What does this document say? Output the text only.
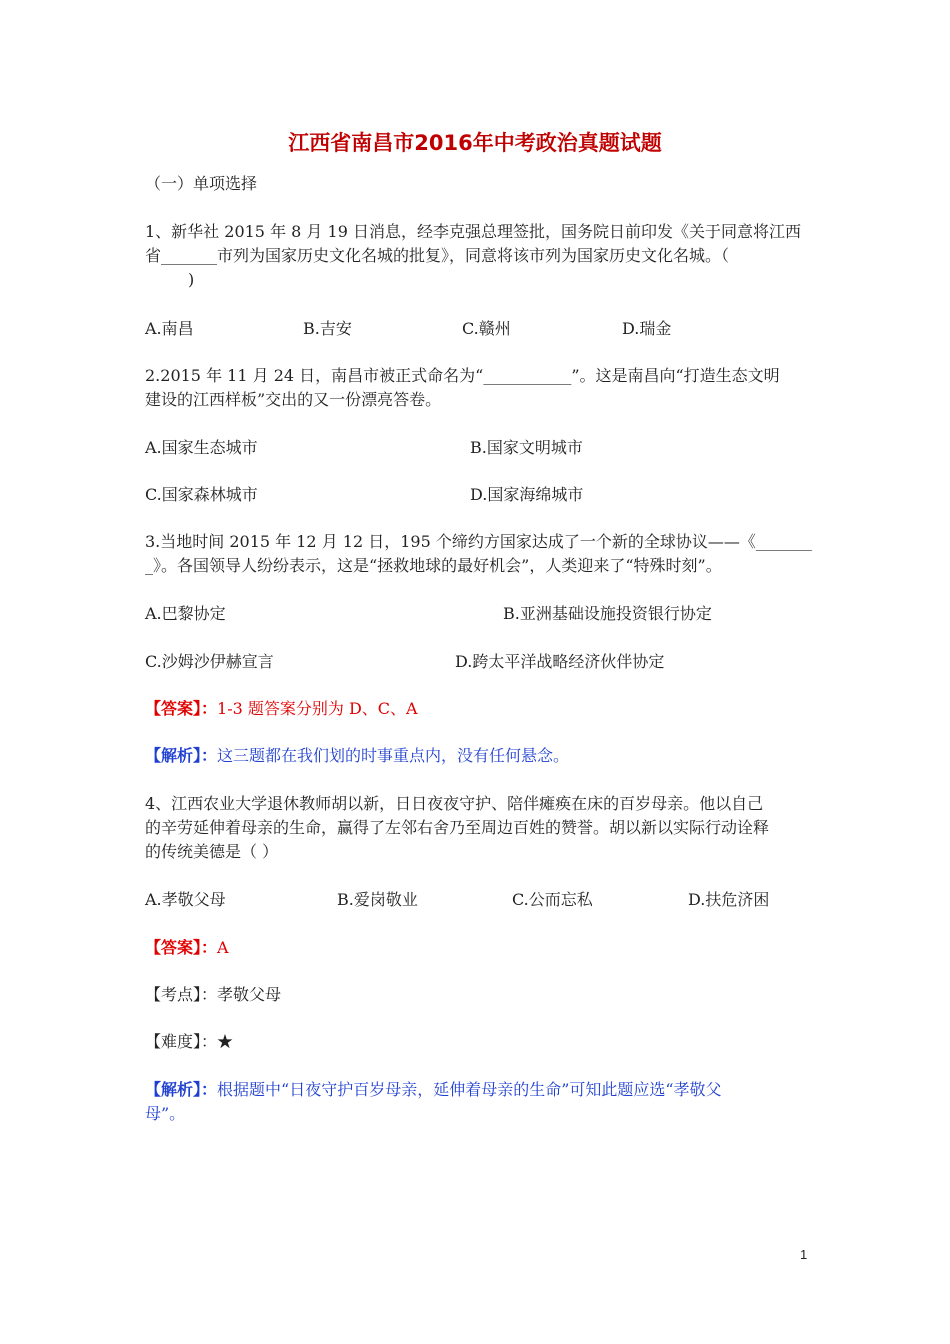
江西省南昌市2016年中考政治真题试题
（一）单项选择
1、新华社 2015 年 8 月 19 日消息，经李克强总理签批，国务院日前印发《关于同意将江西
省_______市列为国家历史文化名城的批复》，同意将该市列为国家历史文化名城。（
)
A.南昌	B.吉安	C.赣州	D.瑞金
2.2015 年 11 月 24 日，南昌市被正式命名为“___________”。这是南昌向“打造生态文明
建设的江西样板”交出的又一份漂亮答卷。
A.国家生态城市	B.国家文明城市
C.国家森林城市	D.国家海绵城市
3.当地时间 2015 年 12 月 12 日，195 个缔约方国家达成了一个新的全球协议——《_______
_》。各国领导人纷纷表示，这是“拯救地球的最好机会”，人类迎来了“特殊时刻”。
A.巴黎协定	B.亚洲基础设施投资银行协定
C.沙姆沙伊赫宣言	D.跨太平洋战略经济伙伴协定
【答案】：1-3 题答案分别为 D、C、A
【解析】：这三题都在我们划的时事重点内，没有任何悬念。
4、江西农业大学退休教师胡以新，日日夜夜守护、陪伴瘫痪在床的百岁母亲。他以自己
的辛劳延伸着母亲的生命，赢得了左邻右舍乃至周边百姓的赞誉。胡以新以实际行动诠释
的传统美德是（ ）
A.孝敬父母	B.爱岗敬业	C.公而忘私	D.扶危济困
【答案】：A
【考点】：孝敬父母
【难度】：★
【解析】：根据题中“日夜守护百岁母亲，延伸着母亲的生命”可知此题应选“孝敬父
母”。
1
